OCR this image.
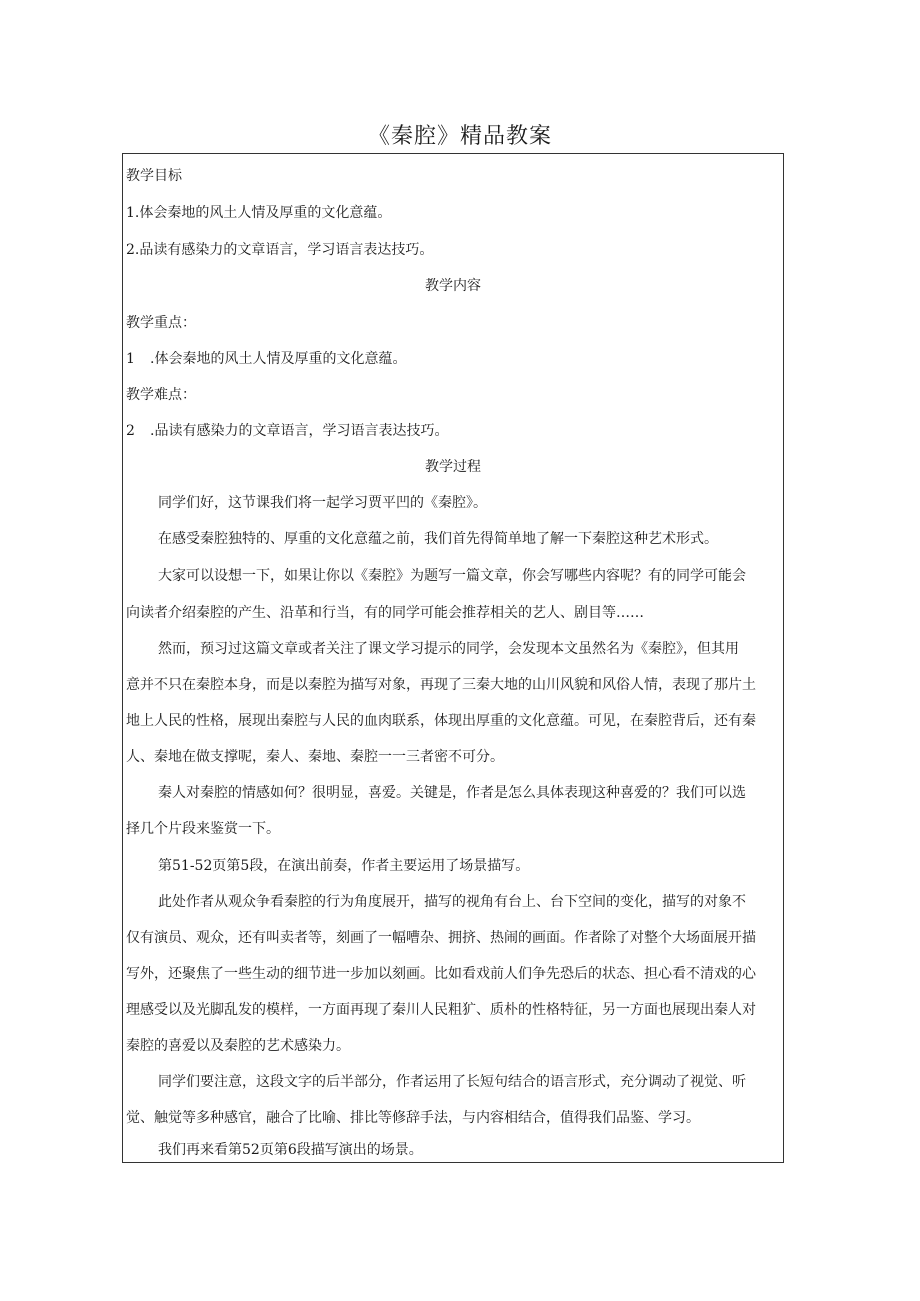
《秦腔》精品教案
教学目标
1.体会秦地的风土人情及厚重的文化意蕴。
2.品读有感染力的文章语言，学习语言表达技巧。
教学内容
教学重点：
1 .体会秦地的风土人情及厚重的文化意蕴。
教学难点：
2 .品读有感染力的文章语言，学习语言表达技巧。
教学过程
同学们好，这节课我们将一起学习贾平凹的《秦腔》。
在感受秦腔独特的、厚重的文化意蕴之前，我们首先得简单地了解一下秦腔这种艺术形式。
大家可以设想一下，如果让你以《秦腔》为题写一篇文章，你会写哪些内容呢？有的同学可能会
向读者介绍秦腔的产生、沿革和行当，有的同学可能会推荐相关的艺人、剧目等……
然而，预习过这篇文章或者关注了课文学习提示的同学，会发现本文虽然名为《秦腔》，但其用
意并不只在秦腔本身，而是以秦腔为描写对象，再现了三秦大地的山川风貌和风俗人情，表现了那片土
地上人民的性格，展现出秦腔与人民的血肉联系，体现出厚重的文化意蕴。可见，在秦腔背后，还有秦
人、秦地在做支撑呢，秦人、秦地、秦腔一一三者密不可分。
秦人对秦腔的情感如何？很明显，喜爱。关键是，作者是怎么具体表现这种喜爱的？我们可以选
择几个片段来鉴赏一下。
第51-52页第5段，在演出前奏，作者主要运用了场景描写。
此处作者从观众争看秦腔的行为角度展开，描写的视角有台上、台下空间的变化，描写的对象不
仅有演员、观众，还有叫卖者等，刻画了一幅嘈杂、拥挤、热闹的画面。作者除了对整个大场面展开描
写外，还聚焦了一些生动的细节进一步加以刻画。比如看戏前人们争先恐后的状态、担心看不清戏的心
理感受以及光脚乱发的模样，一方面再现了秦川人民粗犷、质朴的性格特征，另一方面也展现出秦人对
秦腔的喜爱以及秦腔的艺术感染力。
同学们要注意，这段文字的后半部分，作者运用了长短句结合的语言形式，充分调动了视觉、听
觉、触觉等多种感官，融合了比喻、排比等修辞手法，与内容相结合，值得我们品鉴、学习。
我们再来看第52页第6段描写演出的场景。
